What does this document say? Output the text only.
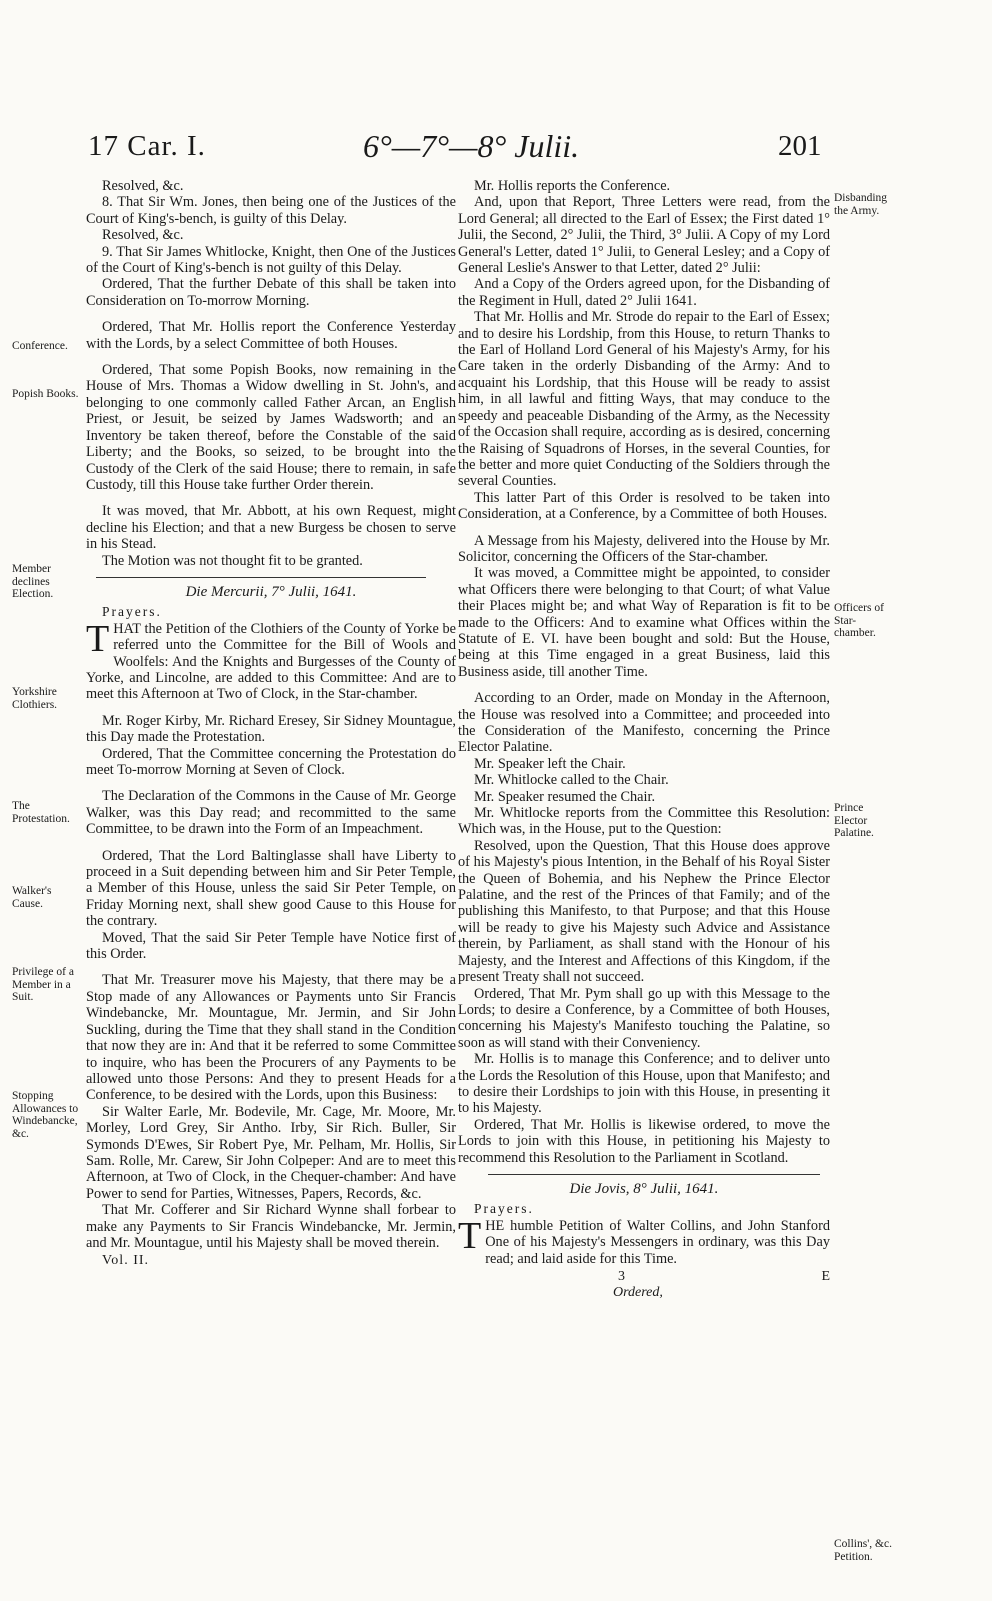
17 Car. I.	6°—7°—8° Julii.	201

Resolved, &c.

8. That Sir Wm. Jones, then being one of the Justices of the Court of King's-bench, is guilty of this Delay.

Resolved, &c.

9. That Sir James Whitlocke, Knight, then One of the Justices of the Court of King's-bench is not guilty of this Delay.

Ordered, That the further Debate of this shall be taken into Consideration on To-morrow Morning.

Ordered, That Mr. Hollis report the Conference Yesterday with the Lords, by a select Committee of both Houses.

Ordered, That some Popish Books, now remaining in the House of Mrs. Thomas a Widow dwelling in St. John's, and belonging to one commonly called Father Arcan, an English Priest, or Jesuit, be seized by James Wadsworth; and an Inventory be taken thereof, before the Constable of the said Liberty; and the Books, so seized, to be brought into the Custody of the Clerk of the said House; there to remain, in safe Custody, till this House take further Order therein.

It was moved, that Mr. Abbott, at his own Request, might decline his Election; and that a new Burgess be chosen to serve in his Stead.

The Motion was not thought fit to be granted.

Die Mercurii, 7° Julii, 1641.
Prayers.

THAT the Petition of the Clothiers of the County of Yorke be referred unto the Committee for the Bill of Wools and Woolfels: And the Knights and Burgesses of the County of Yorke, and Lincolne, are added to this Committee: And are to meet this Afternoon at Two of Clock, in the Star-chamber.

Mr. Roger Kirby, Mr. Richard Eresey, Sir Sidney Mountague, this Day made the Protestation.

Ordered, That the Committee concerning the Protestation do meet To-morrow Morning at Seven of Clock.

The Declaration of the Commons in the Cause of Mr. George Walker, was this Day read; and recommitted to the same Committee, to be drawn into the Form of an Impeachment.

Ordered, That the Lord Baltinglasse shall have Liberty to proceed in a Suit depending between him and Sir Peter Temple, a Member of this House, unless the said Sir Peter Temple, on Friday Morning next, shall shew good Cause to this House for the contrary.

Moved, That the said Sir Peter Temple have Notice first of this Order.

That Mr. Treasurer move his Majesty, that there may be a Stop made of any Allowances or Payments unto Sir Francis Windebancke, Mr. Mountague, Mr. Jermin, and Sir John Suckling, during the Time that they shall stand in the Condition that now they are in: And that it be referred to some Committee to inquire, who has been the Procurers of any Payments to be allowed unto those Persons: And they to present Heads for a Conference, to be desired with the Lords, upon this Business:

Sir Walter Earle, Mr. Bodevile, Mr. Cage, Mr. Moore, Mr. Morley, Lord Grey, Sir Antho. Irby, Sir Rich. Buller, Sir Symonds D'Ewes, Sir Robert Pye, Mr. Pelham, Mr. Hollis, Sir Sam. Rolle, Mr. Carew, Sir John Colpeper: And are to meet this Afternoon, at Two of Clock, in the Chequer-chamber: And have Power to send for Parties, Witnesses, Papers, Records, &c.

That Mr. Cofferer and Sir Richard Wynne shall forbear to make any Payments to Sir Francis Windebancke, Mr. Jermin, and Mr. Mountague, until his Majesty shall be moved therein.

Vol. II.

Mr. Hollis reports the Conference.

And, upon that Report, Three Letters were read, from the Lord General; all directed to the Earl of Essex; the First dated 1° Julii, the Second, 2° Julii, the Third, 3° Julii. A Copy of my Lord General's Letter, dated 1° Julii, to General Lesley; and a Copy of General Leslie's Answer to that Letter, dated 2° Julii:

And a Copy of the Orders agreed upon, for the Disbanding of the Regiment in Hull, dated 2° Julii 1641.

That Mr. Hollis and Mr. Strode do repair to the Earl of Essex; and to desire his Lordship, from this House, to return Thanks to the Earl of Holland Lord General of his Majesty's Army, for his Care taken in the orderly Disbanding of the Army: And to acquaint his Lordship, that this House will be ready to assist him, in all lawful and fitting Ways, that may conduce to the speedy and peaceable Disbanding of the Army, as the Necessity of the Occasion shall require, according as is desired, concerning the Raising of Squadrons of Horses, in the several Counties, for the better and more quiet Conducting of the Soldiers through the several Counties.

This latter Part of this Order is resolved to be taken into Consideration, at a Conference, by a Committee of both Houses.

A Message from his Majesty, delivered into the House by Mr. Solicitor, concerning the Officers of the Star-chamber.

It was moved, a Committee might be appointed, to consider what Officers there were belonging to that Court; of what Value their Places might be; and what Way of Reparation is fit to be made to the Officers: And to examine what Offices within the Statute of E. VI. have been bought and sold: But the House, being at this Time engaged in a great Business, laid this Business aside, till another Time.

According to an Order, made on Monday in the Afternoon, the House was resolved into a Committee; and proceeded into the Consideration of the Manifesto, concerning the Prince Elector Palatine.

Mr. Speaker left the Chair.

Mr. Whitlocke called to the Chair.

Mr. Speaker resumed the Chair.

Mr. Whitlocke reports from the Committee this Resolution: Which was, in the House, put to the Question:

Resolved, upon the Question, That this House does approve of his Majesty's pious Intention, in the Behalf of his Royal Sister the Queen of Bohemia, and his Nephew the Prince Elector Palatine, and the rest of the Princes of that Family; and of the publishing this Manifesto, to that Purpose; and that this House will be ready to give his Majesty such Advice and Assistance therein, by Parliament, as shall stand with the Honour of his Majesty, and the Interest and Affections of this Kingdom, if the present Treaty shall not succeed.

Ordered, That Mr. Pym shall go up with this Message to the Lords; to desire a Conference, by a Committee of both Houses, concerning his Majesty's Manifesto touching the Palatine, so soon as will stand with their Conveniency.

Mr. Hollis is to manage this Conference; and to deliver unto the Lords the Resolution of this House, upon that Manifesto; and to desire their Lordships to join with this House, in presenting it to his Majesty.

Ordered, That Mr. Hollis is likewise ordered, to move the Lords to join with this House, in petitioning his Majesty to recommend this Resolution to the Parliament in Scotland.

Die Jovis, 8° Julii, 1641.
Prayers.

THE humble Petition of Walter Collins, and John Stanford One of his Majesty's Messengers in ordinary, was this Day read; and laid aside for this Time.

3 E Ordered,
Conference.
Popish Books.
Member declines Election.
Yorkshire Clothiers.
The Protestation.
Walker's Cause.
Privilege of a Member in a Suit.
Stopping Allowances to Windebancke, &c.
Disbanding the Army.
Officers of Star-chamber.
Prince Elector Palatine.
Collins', &c. Petition.
